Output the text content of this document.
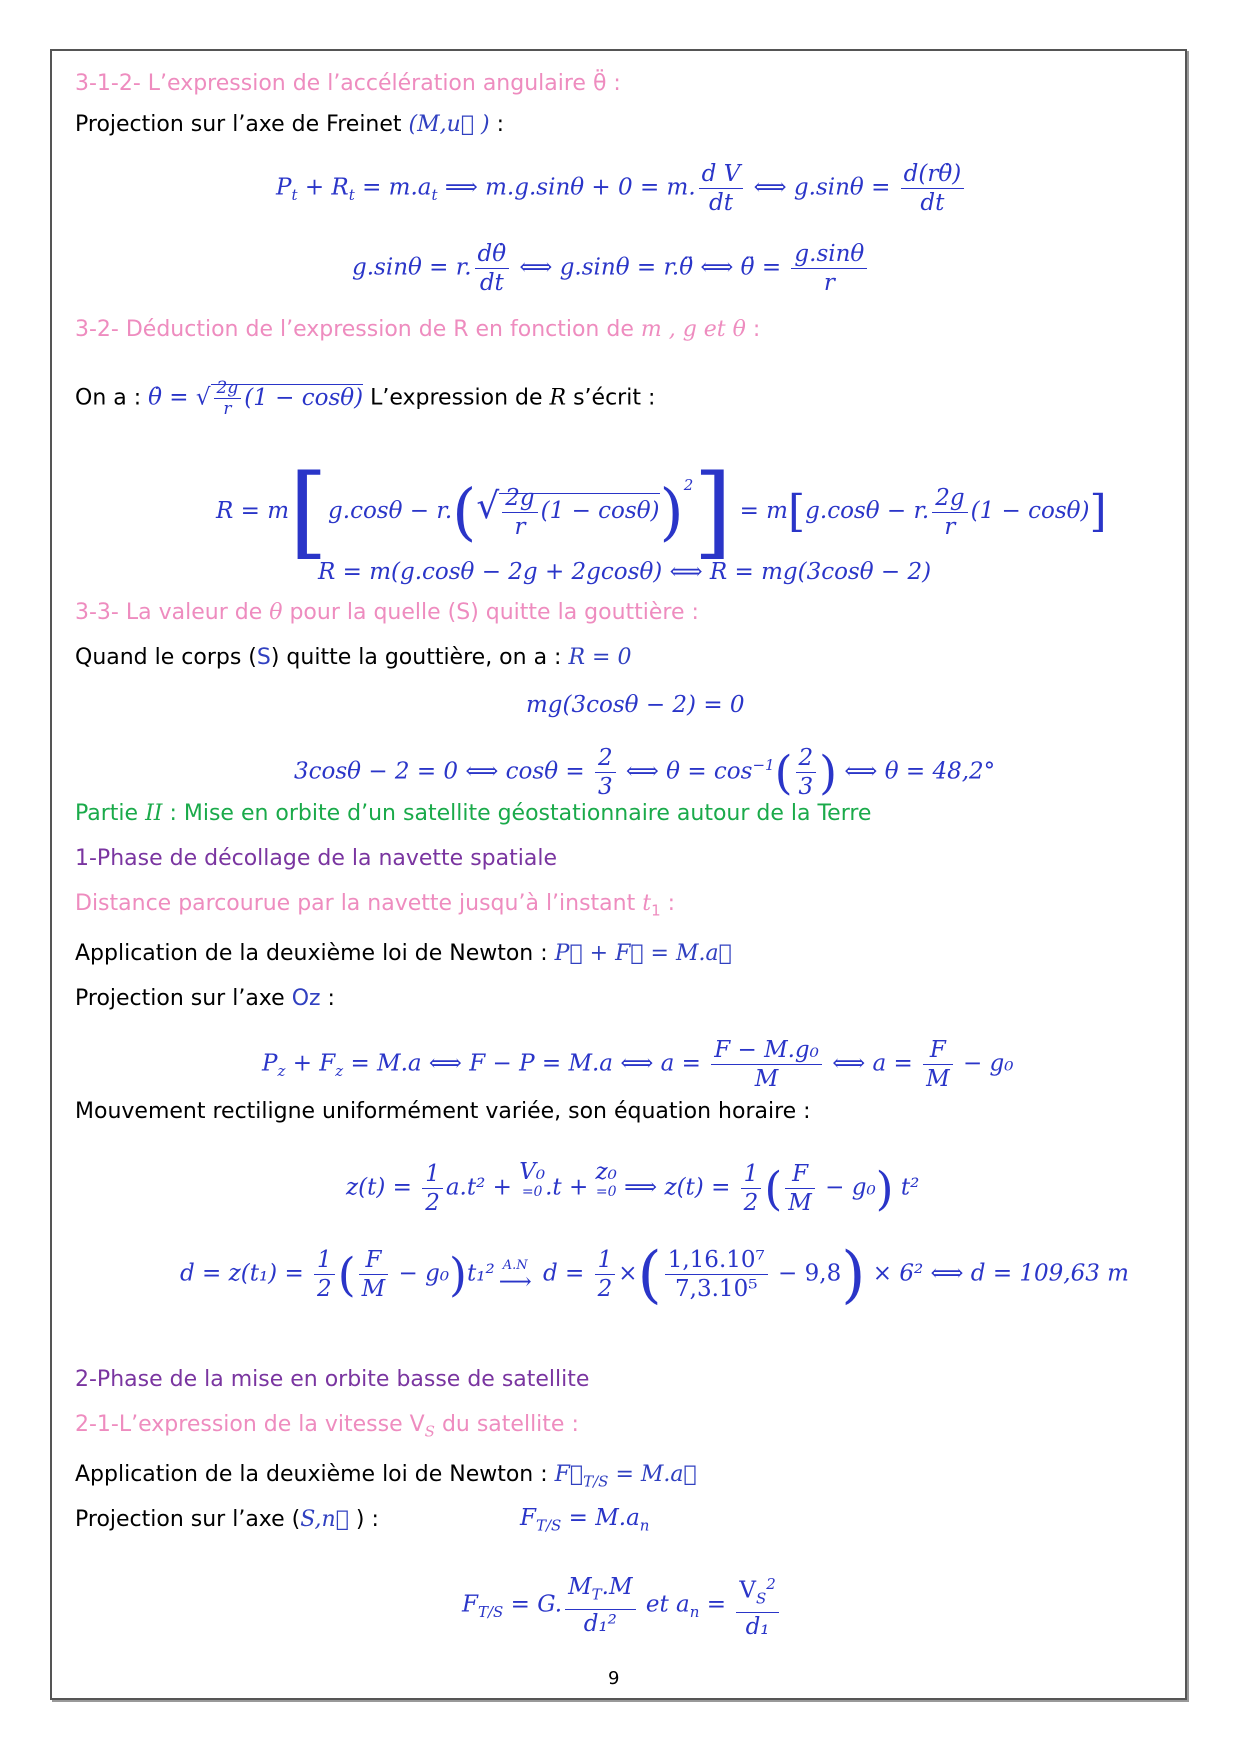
3-1-2- L’expression de l’accélération angulaire θ̈ :
Projection sur l’axe de Freinet (M,u⃗ ) :
$P_t + R_t = m.a_t$ ⟹ m.g.sinθ + 0 = m. $\frac{\text{d V}}{dt}$ ⟺ $g.\sin\theta = \frac{d(r\thetȧ)}{dt}$
g.sinθ = r. $\frac{d\thetȧ}{dt}$ ⟺ g.sinθ = r.θ̈ ⟺ θ̈ = $\frac{g.\sin\theta}{r}$
3-2- Déduction de l’expression de R en fonction de m , g et θ :
On a : θ̇ = √ $\frac{2g}{r} (1 - \cos\theta)$ L’expression de R s’écrit :
$R = m[g.\cos\theta - r.(√ \frac{2g}{r} (1 - \cos\theta))^2] = m[g.\cos\theta - r$. $\frac{2g}{r} (1 - \cos\theta)$]
R = m(g.cosθ − 2g + 2gcosθ) ⟺ R = mg(3cosθ − 2)
3-3- La valeur de θ pour la quelle (S) quitte la gouttière :
Quand le corps (S) quitte la gouttière, on a : R = 0
mg(3cosθ − 2) = 0
3cosθ − 2 = 0 ⟺ $\cos\theta = \frac{2}{3}$ ⟺ $\theta = \cos^{-1}( \frac{2}{3}$ ) ⟺ θ = 48,2°
Partie II : Mise en orbite d’un satellite géostationnaire autour de la Terre
1-Phase de décollage de la navette spatiale
Distance parcourue par la navette jusqu’à l’instant $t_1$ :
Application de la deuxième loi de Newton : P⃗ + F⃗ = M.a⃗
Projection sur l’axe Oz :
$P_z + F_z = M.a$ ⟺ F − P = M.a ⟺ $a = \frac{\text{F − M.g₀}}{M}$ ⟺ $a = \frac{F}{M} - g_0$
Mouvement rectiligne uniformément variée, son équation horaire :
$z(t) = \frac{1}{2} a.t^2$ +
V₀
=0 .t +
z₀
=0 ⟹ $z(t) = \frac{1}{2}$ ( $\frac{F}{M} - g_0$) t²
$d = z(t_1) = \frac{1}{2}$ ( $\frac{F}{M} - g_0)t_1^2$ A.N
⟶ $d = \frac{1}{2}$ ×( $\frac{\text{1,16.10⁷}}{\text{7,3.10⁵}} - 9,8) \times 6^2$ ⟺ d = 109,63 m
2-Phase de la mise en orbite basse de satellite
2-1-L’expression de la vitesse $V_S$ du satellite :
Application de la deuxième loi de Newton : $F⃗_{T/S}$ = M.a⃗
Projection sur l’axe (S,n⃗ ) :	$F_{T/S} = M.a_n$
$F_{T/S} = G$. $\frac{M_T.M}{\text{d₁²}}$ et $a_n = \frac{V_S^2}{\text{d₁}}$
9
